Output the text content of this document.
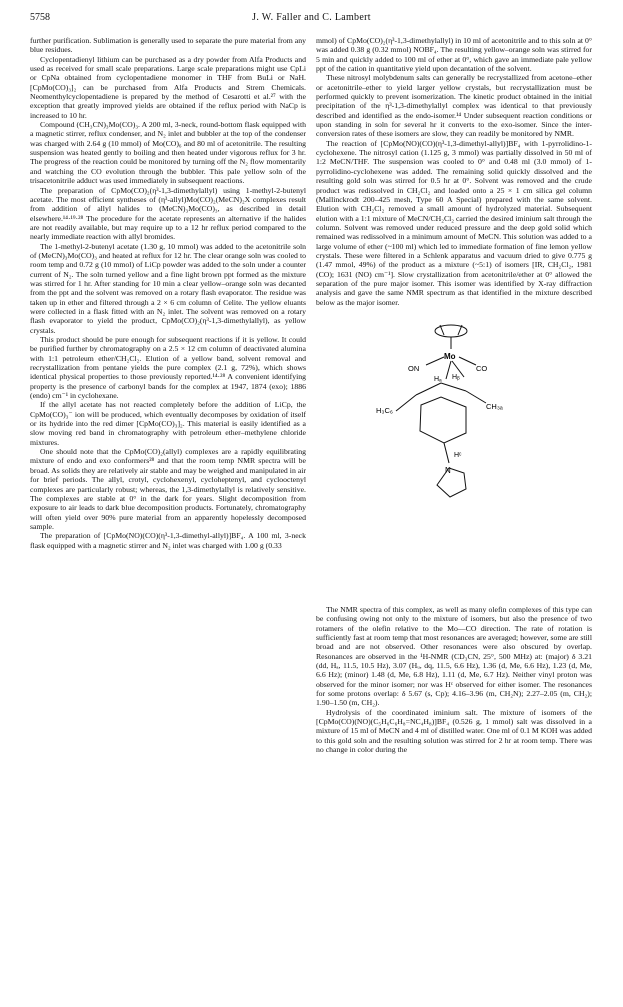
5758	J. W. Faller and C. Lambert

further purification. Sublimation is generally used to separate the pure material from any blue residues.

Cyclopentadienyl lithium can be purchased as a dry powder from Alfa Products and used as received for small scale preparations. Large scale preparations might use CpLi or CpNa obtained from cyclopentadiene monomer in THF from BuLi or NaH. [CpMo(CO)₃]₂ can be purchased from Alfa Products and Strem Chemicals. Neomenthylcyclopentadiene is prepared by the method of Cesarotti et al.²⁷ with the exception that greatly improved yields are obtained if the reflux period with NaCp is increased to 10 hr.

Compound (CH₃CN)₃Mo(CO)₃. A 200 ml, 3-neck, round-bottom flask equipped with a magnetic stirrer, reflux condenser, and N₂ inlet and bubbler at the top of the condenser was charged with 2.64 g (10 mmol) of Mo(CO)₆ and 80 ml of acetonitrile. The resulting suspension was heated gently to boiling and then heated under vigorous reflux for 3 hr. The progress of the reaction could be monitored by turning off the N₂ flow momentarily and watching the CO evolution through the bubbler. This pale yellow soln of the trisacetonitrile adduct was used immediately in subsequent reactions.

The preparation of CpMo(CO)₂(η³-1,3-dimethylallyl) using 1-methyl-2-butenyl acetate. The most efficient syntheses of (η³-allyl)Mo(CO)₂(MeCN)₂X complexes result from addition of allyl halides to (MeCN)₃Mo(CO)₃, as described in detail elsewhere.¹⁴·¹⁹·²⁸ The procedure for the acetate represents an alternative if the halides are not readily available, but may require up to a 12 hr reflux period compared to the nearly immediate reaction with allyl bromides.

The 1-methyl-2-butenyl acetate (1.30 g, 10 mmol) was added to the acetonitrile soln of (MeCN)₃Mo(CO)₃ and heated at reflux for 12 hr. The clear orange soln was cooled to room temp and 0.72 g (10 mmol) of LiCp powder was added to the soln under a counter current of N₂. The soln turned yellow and a fine light brown ppt formed as the mixture was stirred for 1 hr. After standing for 10 min a clear yellow–orange soln was decanted from the ppt and the solvent was removed on a rotary flash evaporator. The residue was taken up in ether and filtered through a 2 × 6 cm column of Celite. The yellow eluants were collected in a flask fitted with an N₂ inlet. The solvent was removed on a rotary flash evaporator to yield the product, CpMo(CO)₂(η³-1,3-dimethylallyl), as yellow crystals.

This product should be pure enough for subsequent reactions if it is yellow. It could be purified further by chromatography on a 2.5 × 12 cm column of deactivated alumina with 1:1 petroleum ether/CH₂Cl₂. Elution of a yellow band, solvent removal and recrystallization from pentane yields the pure complex (2.1 g, 72%), which shows identical physical properties to those previously reported.¹⁴·²⁸ A convenient identifying property is the presence of carbonyl bands for the complex at 1947, 1874 (exo); 1886 (endo) cm⁻¹ in cyclohexane.

If the allyl acetate has not reacted completely before the addition of LiCp, the CpMo(CO)₃⁻ ion will be produced, which eventually decomposes by oxidation of itself or its hydride into the red dimer [CpMo(CO)₃]₂. This material is easily identified as a slow moving red band in chromatography with petroleum ether–methylene chloride mixtures.

One should note that the CpMo(CO)₂(allyl) complexes are a rapidly equilibrating mixture of endo and exo conformers²⁸ and that the room temp NMR spectra will be broad. As solids they are relatively air stable and may be weighed and manipulated in air for brief periods. The allyl, crotyl, cyclohexenyl, cycloheptenyl, and cyclooctenyl complexes are particularly robust; whereas, the 1,3-dimethylallyl is relatively sensitive. The complexes are stable at 0° in the dark for years. Slight decomposition from exposure to air leads to dark blue decomposition products. Fortunately, chromatography will often yield over 90% pure material from an apparently hopelessly decomposed sample.

The preparation of [CpMo(NO)(CO)(η³-1,3-dimethyl-allyl)]BF₄. A 100 ml, 3-neck flask equipped with a magnetic stirrer and N₂ inlet was charged with 1.00 g (0.33

mmol) of CpMo(CO)₂(η³-1,3-dimethylallyl) in 10 ml of acetonitrile and to this soln at 0° was added 0.38 g (0.32 mmol) NOBF₄. The resulting yellow–orange soln was stirred for 5 min and quickly added to 100 ml of ether at 0°, which gave an immediate pale yellow ppt of the cation in quantitative yield upon decantation of the solvent.

These nitrosyl molybdenum salts can generally be recrystallized from acetone–ether or acetonitrile–ether to yield larger yellow crystals, but recrystallization must be performed quickly to prevent isomerization. The kinetic product obtained in the initial precipitation of the η³-1,3-dimethylallyl complex was identical to that previously described and identified as the endo-isomer.¹⁴ Under subsequent reaction conditions or upon standing in soln for several hr it converts to the exo-isomer. Since the inter-conversion rates of these isomers are slow, they can readily be monitored by NMR.

The reaction of [CpMo(NO)(CO)(η³-1,3-dimethyl-allyl)]BF₄ with 1-pyrrolidino-1-cyclohexene. The nitrosyl cation (1.125 g, 3 mmol) was partially dissolved in 50 ml of 1:2 MeCN/THF. The suspension was cooled to 0° and 0.48 ml (3.0 mmol) of 1-pyrrolidino-cyclohexene was added. The remaining solid quickly dissolved and the resulting gold soln was stirred for 0.5 hr at 0°. Solvent was removed and the crude product was redissolved in CH₂Cl₂ and loaded onto a 25 × 1 cm silica gel column (Mallinckrodt 200–425 mesh, Type 60 A Special) prepared with the same solvent. Elution with CH₂Cl₂ removed a small amount of hydrolyzed material. Subsequent elution with a 1:1 mixture of MeCN/CH₂Cl₂ carried the desired iminium salt through the column. Solvent was removed under reduced pressure and the deep gold solid which remained was redissolved in a minimum amount of MeCN. This solution was added to a large volume of ether (~100 ml) which led to immediate formation of fine lemon yellow crystals. These were filtered in a Schlenk apparatus and vacuum dried to give 0.775 g (1.47 mmol, 49%) of the product as a mixture (~5:1) of isomers [IR, CH₂Cl₂, 1981 (CO); 1631 (NO) cm⁻¹]. Slow crystallization from acetonitrile/ether at 0° allowed the separation of the pure major isomer. This isomer was identified by X-ray diffraction analysis and gave the same NMR spectrum as that identified in the mixture described below as the major isomer.

Mo
CO
ON
Hₐ Hᵦ
H₃C₆	CH₃ₐ
Hᶜ
N

The NMR spectra of this complex, as well as many olefin complexes of this type can be confusing owing not only to the mixture of isomers, but also the presence of two rotamers of the olefin relative to the Mo—CO direction. The rate of rotation is sufficiently fast at room temp that most resonances are averaged; however, some are still broad and are not observed. Other resonances were also obscured by overlap. Resonances are observed in the ¹H-NMR (CD₃CN, 25°, 500 MHz) at: (major) δ 3.21 (dd, Hₐ, 11.5, 10.5 Hz), 3.07 (Hᵤ, dq, 11.5, 6.6 Hz), 1.36 (d, Me, 6.6 Hz), 1.23 (d, Me, 6.6 Hz); (minor) 1.48 (d, Me, 6.8 Hz), 1.11 (d, Me, 6.7 Hz). Neither vinyl proton was observed for the minor isomer; nor was Hᶜ observed for either isomer. The resonances for some protons overlap: δ 5.67 (s, Cp); 4.16–3.96 (m, CH₂N); 2.27–2.05 (m, CH₂); 1.90–1.50 (m, CH₂).

Hydrolysis of the coordinated iminium salt. The mixture of isomers of the [CpMo(CO)(NO)(C₅H₆C₆H₈=NC₄H₈)]BF₄ (0.526 g, 1 mmol) salt was dissolved in a mixture of 15 ml of MeCN and 4 ml of distilled water. One ml of 0.1 M KOH was added to this gold soln and the resulting solution was stirred for 2 hr at room temp. There was no change in color during the
